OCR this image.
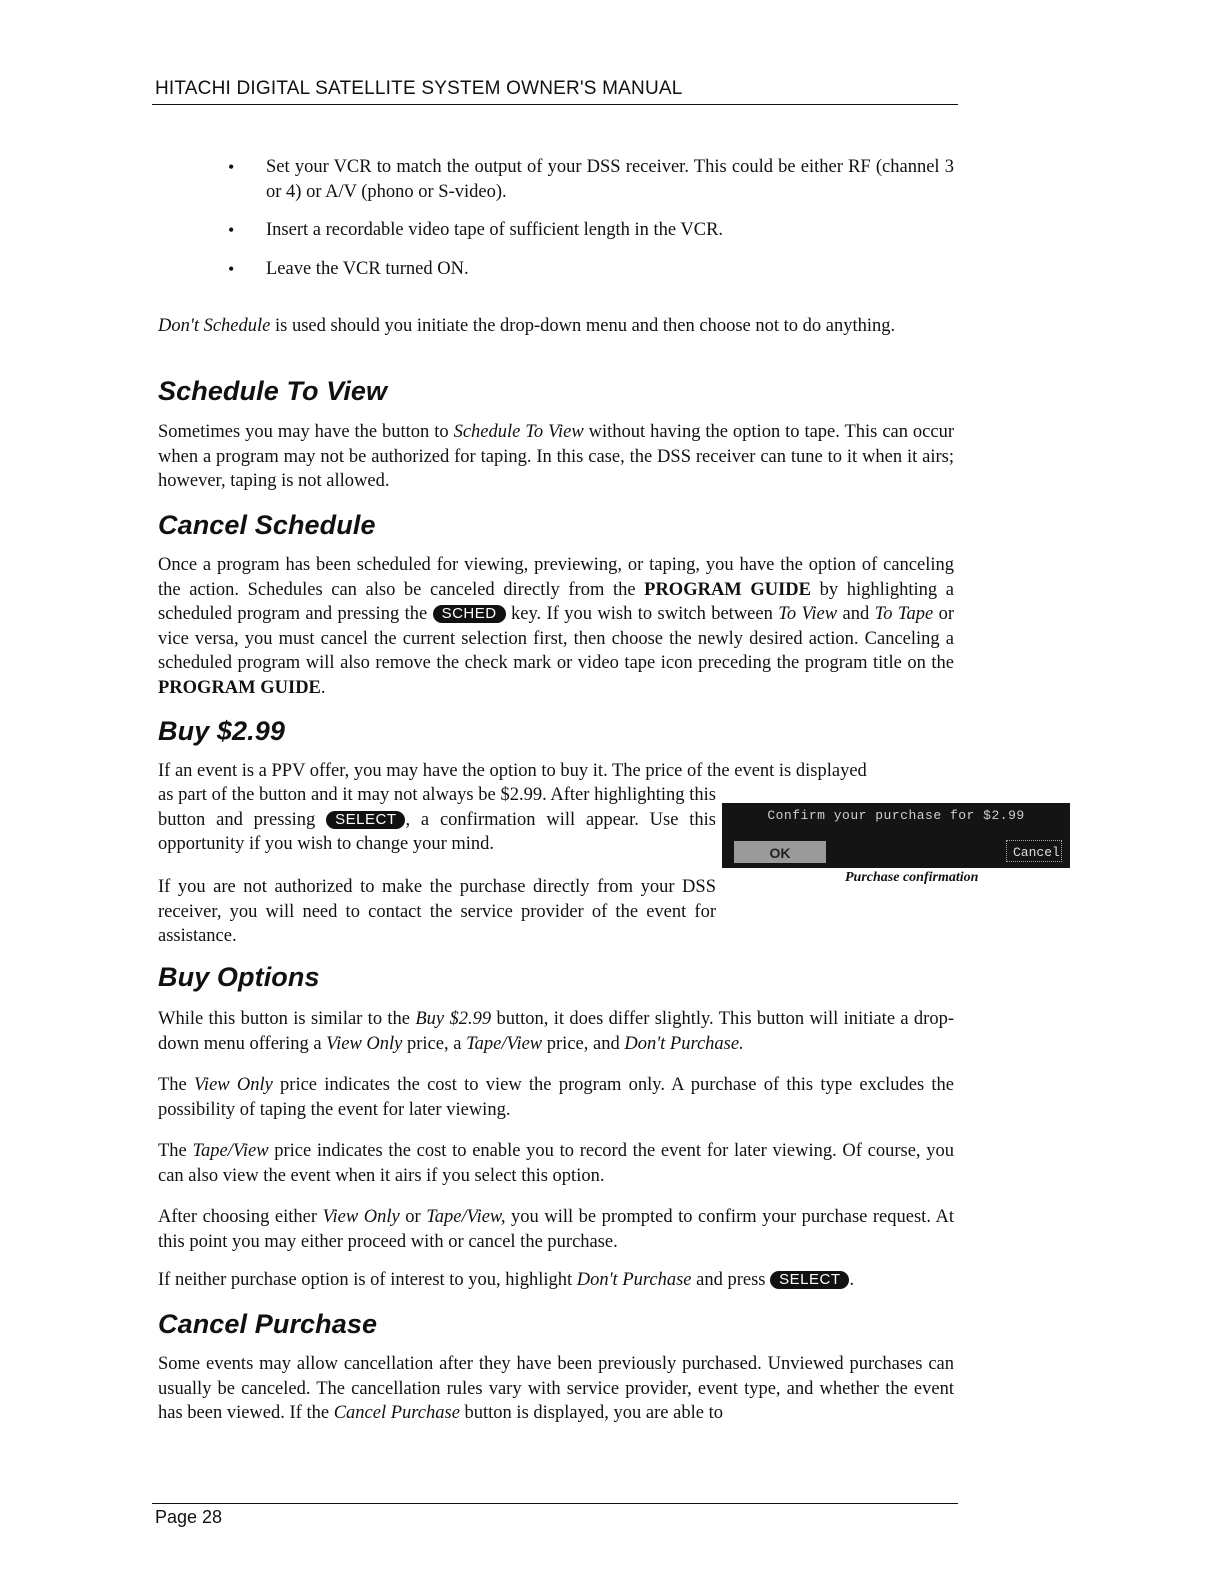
HITACHI DIGITAL SATELLITE SYSTEM OWNER'S MANUAL
• Set your VCR to match the output of your DSS receiver. This could be either RF (channel 3 or 4) or A/V (phono or S-video).
• Insert a recordable video tape of sufficient length in the VCR.
• Leave the VCR turned ON.

Don't Schedule is used should you initiate the drop-down menu and then choose not to do anything.

Schedule To View

Sometimes you may have the button to Schedule To View without having the option to tape. This can occur when a program may not be authorized for taping. In this case, the DSS receiver can tune to it when it airs; however, taping is not allowed.

Cancel Schedule

Once a program has been scheduled for viewing, previewing, or taping, you have the option of canceling the action. Schedules can also be canceled directly from the PROGRAM GUIDE by highlighting a scheduled program and pressing the SCHED key. If you wish to switch between To View and To Tape or vice versa, you must cancel the current selection first, then choose the newly desired action. Canceling a scheduled program will also remove the check mark or video tape icon preceding the program title on the PROGRAM GUIDE.

Buy $2.99

If an event is a PPV offer, you may have the option to buy it. The price of the event is displayed

as part of the button and it may not always be $2.99. After highlighting this button and pressing SELECT , a confirmation will appear. Use this opportunity if you wish to change your mind.

If you are not authorized to make the purchase directly from your DSS receiver, you will need to contact the service provider of the event for assistance.

Confirm your purchase for $2.99
OK	Cancel
Purchase confirmation
Buy Options

While this button is similar to the Buy $2.99 button, it does differ slightly. This button will initiate a drop-down menu offering a View Only price, a Tape/View price, and Don't Purchase.

The View Only price indicates the cost to view the program only. A purchase of this type excludes the possibility of taping the event for later viewing.

The Tape/View price indicates the cost to enable you to record the event for later viewing. Of course, you can also view the event when it airs if you select this option.

After choosing either View Only or Tape/View, you will be prompted to confirm your purchase request. At this point you may either proceed with or cancel the purchase.

If neither purchase option is of interest to you, highlight Don't Purchase and press SELECT .

Cancel Purchase

Some events may allow cancellation after they have been previously purchased. Unviewed purchases can usually be canceled. The cancellation rules vary with service provider, event type, and whether the event has been viewed. If the Cancel Purchase button is displayed, you are able to

Page 28
